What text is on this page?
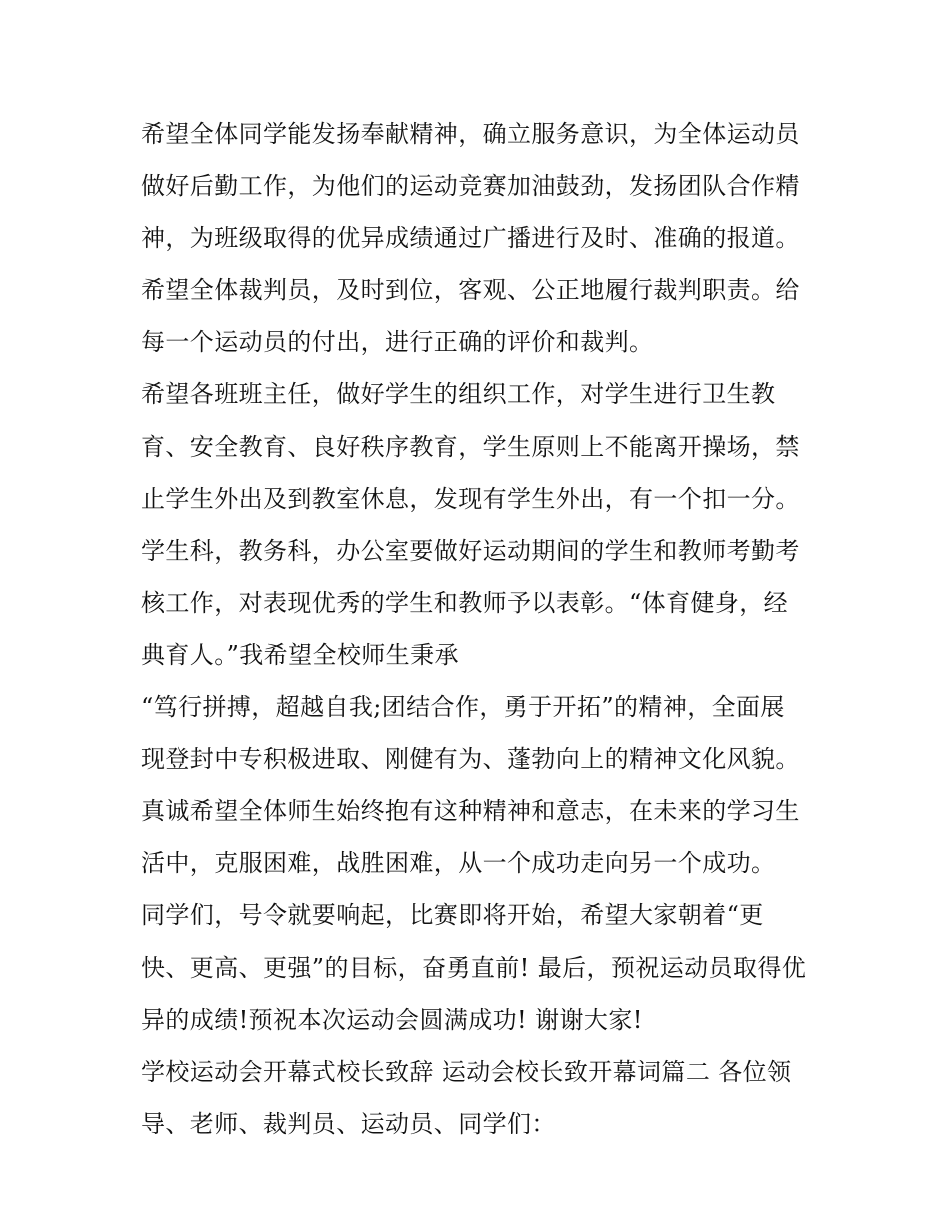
希望全体同学能发扬奉献精神，确立服务意识，为全体运动员
做好后勤工作，为他们的运动竞赛加油鼓劲，发扬团队合作精
神，为班级取得的优异成绩通过广播进行及时、准确的报道。
希望全体裁判员，及时到位，客观、公正地履行裁判职责。给
每一个运动员的付出，进行正确的评价和裁判。
希望各班班主任，做好学生的组织工作，对学生进行卫生教
育、安全教育、良好秩序教育，学生原则上不能离开操场，禁
止学生外出及到教室休息，发现有学生外出，有一个扣一分。
学生科，教务科，办公室要做好运动期间的学生和教师考勤考
核工作，对表现优秀的学生和教师予以表彰。“体育健身，经
典育人。”我希望全校师生秉承
“笃行拼搏，超越自我;团结合作，勇于开拓”的精神，全面展
现登封中专积极进取、刚健有为、蓬勃向上的精神文化风貌。
真诚希望全体师生始终抱有这种精神和意志，在未来的学习生
活中，克服困难，战胜困难，从一个成功走向另一个成功。
同学们，号令就要响起，比赛即将开始，希望大家朝着“更
快、更高、更强”的目标，奋勇直前! 最后，预祝运动员取得优
异的成绩!预祝本次运动会圆满成功! 谢谢大家!
学校运动会开幕式校长致辞 运动会校长致开幕词篇二 各位领
导、老师、裁判员、运动员、同学们：
